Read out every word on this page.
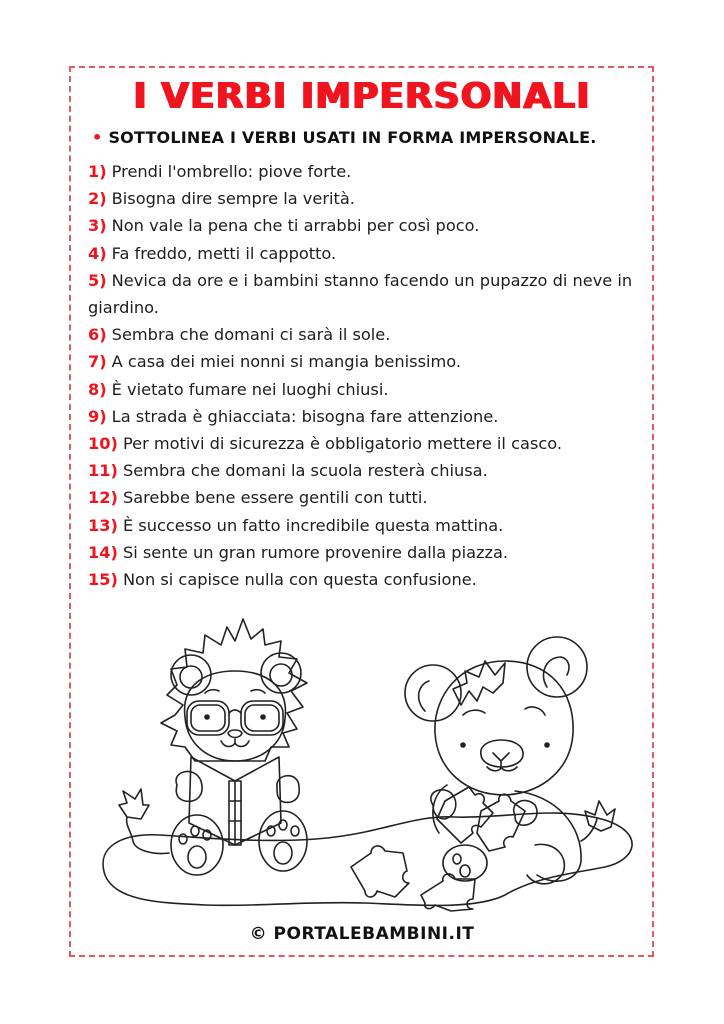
I VERBI IMPERSONALI
• SOTTOLINEA I VERBI USATI IN FORMA IMPERSONALE.
1) Prendi l'ombrello: piove forte.
2) Bisogna dire sempre la verità.
3) Non vale la pena che ti arrabbi per così poco.
4) Fa freddo, metti il cappotto.
5) Nevica da ore e i bambini stanno facendo un pupazzo di neve in giardino.
6) Sembra che domani ci sarà il sole.
7) A casa dei miei nonni si mangia benissimo.
8) È vietato fumare nei luoghi chiusi.
9) La strada è ghiacciata: bisogna fare attenzione.
10) Per motivi di sicurezza è obbligatorio mettere il casco.
11) Sembra che domani la scuola resterà chiusa.
12) Sarebbe bene essere gentili con tutti.
13) È successo un fatto incredibile questa mattina.
14) Si sente un gran rumore provenire dalla piazza.
15) Non si capisce nulla con questa confusione.
© PORTALEBAMBINI.IT
